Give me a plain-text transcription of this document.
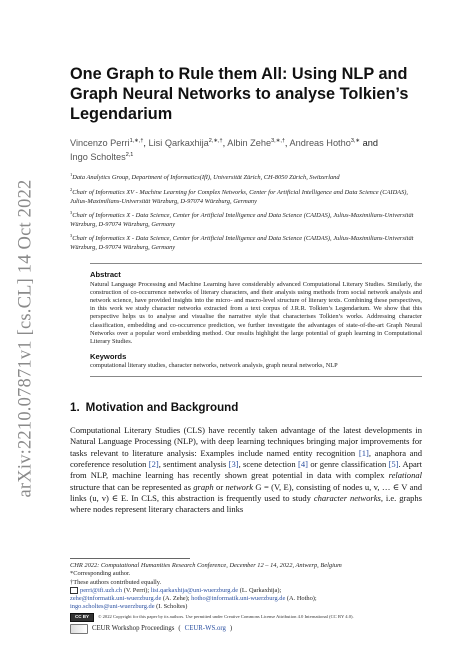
arXiv:2210.07871v1 [cs.CL] 14 Oct 2022
One Graph to Rule them All: Using NLP and Graph Neural Networks to analyse Tolkien’s Legendarium
Vincenzo Perri$^{1,∗,\dagger}$, Lisi Qarkaxhija$^{2,∗,\dagger}$, Albin Zehe$^{3,∗,\dagger}$, Andreas Hotho$^{3,∗}$ and
Ingo Scholtes$^{2,1}$
$^1$Data Analytics Group, Department of Informatics(IfI), Universität Zürich, CH-8050 Zürich, Switzerland
$^2$Chair of Informatics XV - Machine Learning for Complex Networks, Center for Artificial Intelligence and Data Science (CAIDAS), Julius-Maximilians-Universität Würzburg, D-97074 Würzburg, Germany
$^3$Chair of Informatics X - Data Science, Center for Artificial Intelligence and Data Science (CAIDAS), Julius-Maximilians-Universität Würzburg, D-97074 Würzburg, Germany
$^3$Chair of Informatics X - Data Science, Center for Artificial Intelligence and Data Science (CAIDAS), Julius-Maximilians-Universität Würzburg, D-97074 Würzburg, Germany
Abstract
Natural Language Processing and Machine Learning have considerably advanced Computational Literary Studies. Similarly, the construction of co-occurrence networks of literary characters, and their analysis using methods from social network analysis and network science, have provided insights into the micro- and macro-level structure of literary texts. Combining these perspectives, in this work we study character networks extracted from a text corpus of J.R.R. Tolkien’s Legendarium. We show that this perspective helps us to analyse and visualise the narrative style that characterises Tolkien’s works. Addressing character classification, embedding and co-occurrence prediction, we further investigate the advantages of state-of-the-art Graph Neural Networks over a popular word embedding method. Our results highlight the large potential of graph learning in Computational Literary Studies.
Keywords
computational literary studies, character networks, network analysis, graph neural networks, NLP
1. Motivation and Background
Computational Literary Studies (CLS) have recently taken advantage of the latest developments in Natural Language Processing (NLP), with deep learning techniques bringing major improvements for tasks relevant to literature analysis: Examples include named entity recognition [1], anaphora and coreference resolution [2], sentiment analysis [3], scene detection [4] or genre classification [5]. Apart from NLP, machine learning has recently shown great potential in data with complex relational structure that can be represented as graph or network G = (V, E), consisting of nodes u, v, … ∈ V and links (u, v) ∈ E. In CLS, this abstraction is frequently used to study character networks, i.e. graphs where nodes represent literary characters and links
CHR 2022: Computational Humanities Research Conference, December 12 – 14, 2022, Antwerp, Belgium
*Corresponding author.
†These authors contributed equally.
perri@ifi.uzh.ch (V. Perri); lisi.qarkaxhija@uni-wuerzburg.de (L. Qarkaxhija);
zehe@informatik.uni-wuerzburg.de (A. Zehe); hotho@informatik.uni-wuerzburg.de (A. Hotho);
ingo.scholtes@uni-wuerzburg.de (I. Scholtes)
CC BY	© 2022 Copyright for this paper by its authors. Use permitted under Creative Commons License Attribution 4.0 International (CC BY 4.0).
CEUR Workshop Proceedings ( CEUR-WS.org )
